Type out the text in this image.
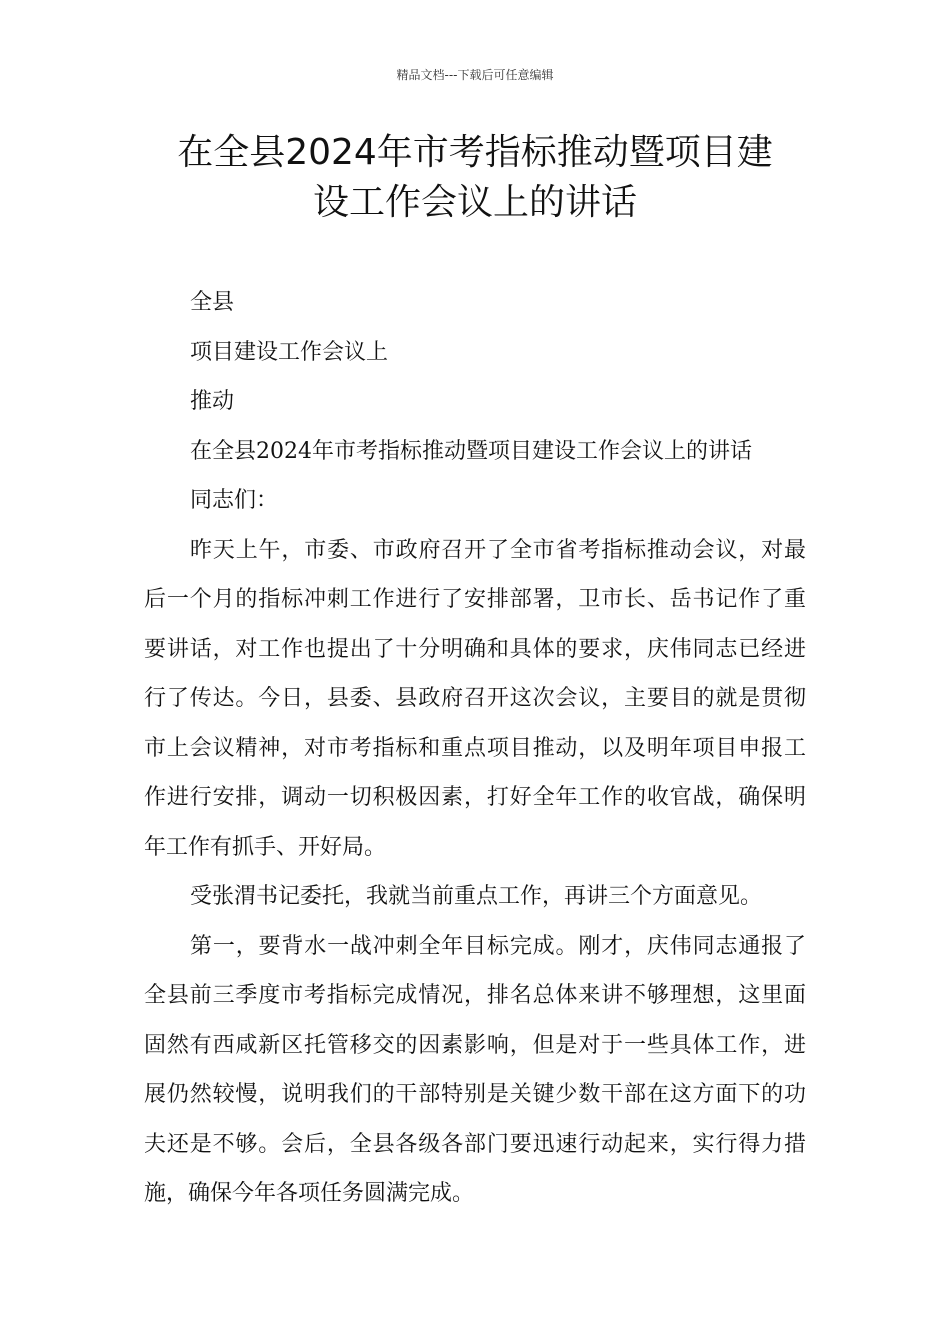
精品文档---下载后可任意编辑
在全县2024年市考指标推动暨项目建
设工作会议上的讲话

全县

项目建设工作会议上

推动

在全县2024年市考指标推动暨项目建设工作会议上的讲话

同志们：

昨天上午，市委、市政府召开了全市省考指标推动会议，对最
后一个月的指标冲刺工作进行了安排部署，卫市长、岳书记作了重
要讲话，对工作也提出了十分明确和具体的要求，庆伟同志已经进
行了传达。今日，县委、县政府召开这次会议，主要目的就是贯彻
市上会议精神，对市考指标和重点项目推动，以及明年项目申报工
作进行安排，调动一切积极因素，打好全年工作的收官战，确保明
年工作有抓手、开好局。

受张渭书记委托，我就当前重点工作，再讲三个方面意见。

第一，要背水一战冲刺全年目标完成。刚才，庆伟同志通报了
全县前三季度市考指标完成情况，排名总体来讲不够理想，这里面
固然有西咸新区托管移交的因素影响，但是对于一些具体工作，进
展仍然较慢，说明我们的干部特别是关键少数干部在这方面下的功
夫还是不够。会后，全县各级各部门要迅速行动起来，实行得力措
施，确保今年各项任务圆满完成。
